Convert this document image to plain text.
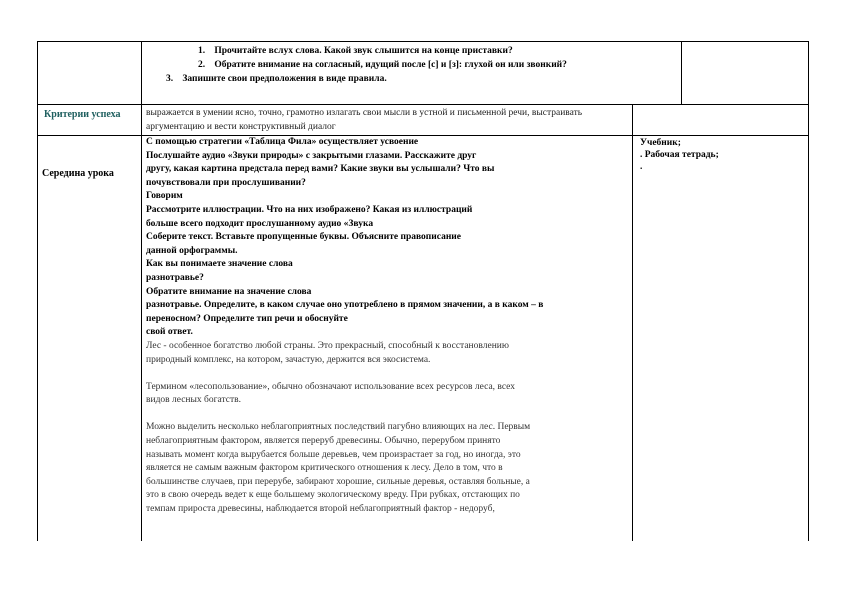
1. Прочитайте вслух слова. Какой звук слышится на конце приставки?
2. Обратите внимание на согласный, идущий после [с] и [з]: глухой он или звонкий?
3. Запишите свои предположения в виде правила.
Критерии успеха	выражается в умении ясно, точно, грамотно излагать свои мысли в устной и письменной речи, выстраивать аргументацию и вести конструктивный диалог
Середина урока

С помощью стратегии «Таблица Фила» осуществляет усвоение

Послушайте аудио «Звуки природы» с закрытыми глазами. Расскажите друг

другу, какая картина предстала перед вами? Какие звуки вы услышали? Что вы

почувствовали при прослушивании?

Говорим

Рассмотрите иллюстрации. Что на них изображено? Какая из иллюстраций

больше всего подходит прослушанному аудио «Звука

Соберите текст. Вставьте пропущенные буквы. Объясните правописание

данной орфограммы.

Как вы понимаете значение слова

разнотравье?

Обратите внимание на значение слова

разнотравье. Определите, в каком случае оно употреблено в прямом значении, а в каком – в

переносном? Определите тип речи и обоснуйте

свой ответ.

Лес - особенное богатство любой страны. Это прекрасный, способный к восстановлению

природный комплекс, на котором, зачастую, держится вся экосистема.

Термином «лесопользование», обычно обозначают использование всех ресурсов леса, всех

видов лесных богатств.

Можно выделить несколько неблагоприятных последствий пагубно влияющих на лес. Первым

неблагоприятным фактором, является переруб древесины. Обычно, перерубом принято

называть момент когда вырубается больше деревьев, чем произрастает за год, но иногда, это

является не самым важным фактором критического отношения к лесу. Дело в том, что в

большинстве случаев, при перерубе, забирают хорошие, сильные деревья, оставляя больные, а

это в свою очередь ведет к еще большему экологическому вреду. При рубках, отстающих по

темпам прироста древесины, наблюдается второй неблагоприятный фактор - недоруб,

Учебник;

. Рабочая тетрадь;

.
